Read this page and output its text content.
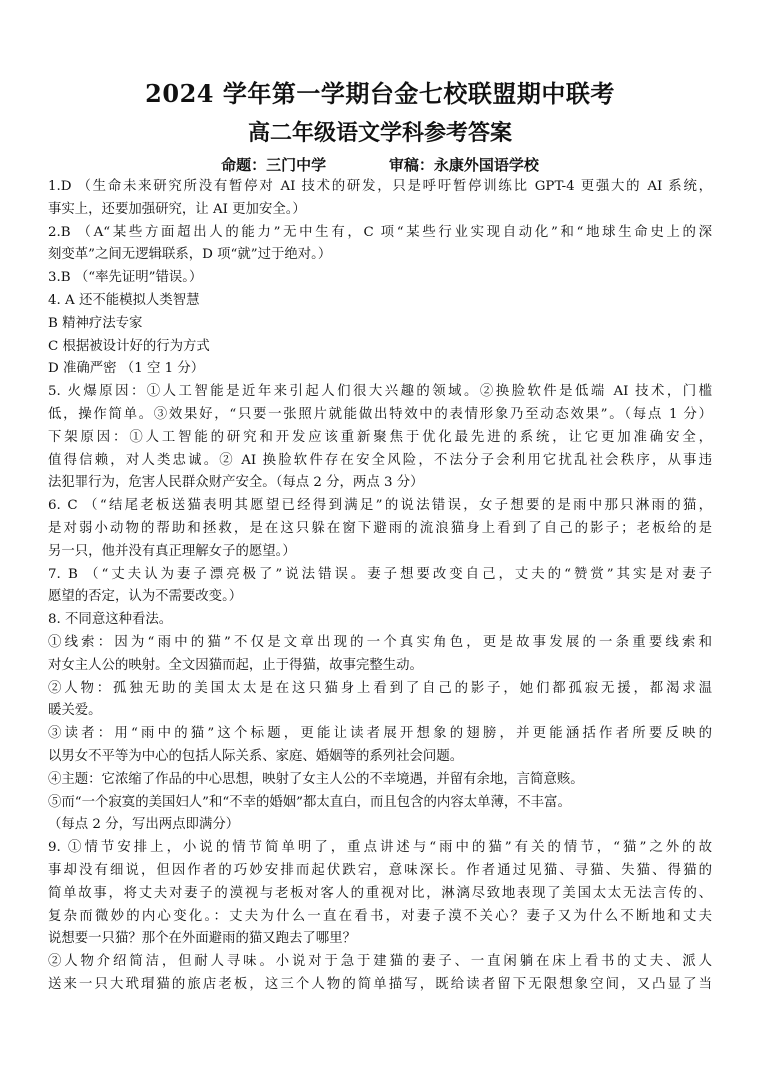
2024 学年第一学期台金七校联盟期中联考
高二年级语文学科参考答案
命题：三门中学            审稿：永康外国语学校
1.D （生命未来研究所没有暂停对 AI 技术的研发，只是呼吁暂停训练比 GPT-4 更强大的 AI 系统，
事实上，还要加强研究，让 AI 更加安全。）
2.B （A“某些方面超出人的能力”无中生有，C 项“某些行业实现自动化”和“地球生命史上的深
刻变革”之间无逻辑联系，D 项“就”过于绝对。）
3.B （“率先证明”错误。）
4. A 还不能模拟人类智慧
B 精神疗法专家
C 根据被设计好的行为方式
D 准确严密 （1 空 1 分）
5. 火爆原因：①人工智能是近年来引起人们很大兴趣的领域。②换脸软件是低端 AI 技术，门槛
低，操作简单。③效果好，“只要一张照片就能做出特效中的表情形象乃至动态效果”。（每点 1 分）
下架原因：①人工智能的研究和开发应该重新聚焦于优化最先进的系统，让它更加准确安全，
值得信赖，对人类忠诚。② AI 换脸软件存在安全风险，不法分子会利用它扰乱社会秩序，从事违
法犯罪行为，危害人民群众财产安全。（每点 2 分，两点 3 分）
6. C （“结尾老板送猫表明其愿望已经得到满足”的说法错误，女子想要的是雨中那只淋雨的猫，
是对弱小动物的帮助和拯救，是在这只躲在窗下避雨的流浪猫身上看到了自己的影子；老板给的是
另一只，他并没有真正理解女子的愿望。）
7. B （“丈夫认为妻子漂亮极了”说法错误。妻子想要改变自己，丈夫的“赞赏”其实是对妻子
愿望的否定，认为不需要改变。）
8. 不同意这种看法。
①线索：因为“雨中的猫”不仅是文章出现的一个真实角色，更是故事发展的一条重要线索和
对女主人公的映射。全文因猫而起，止于得猫，故事完整生动。
②人物：孤独无助的美国太太是在这只猫身上看到了自己的影子，她们都孤寂无援，都渴求温
暖关爱。
③读者：用“雨中的猫”这个标题，更能让读者展开想象的翅膀，并更能涵括作者所要反映的
以男女不平等为中心的包括人际关系、家庭、婚姻等的系列社会问题。
④主题：它浓缩了作品的中心思想，映射了女主人公的不幸境遇，并留有余地，言简意赅。
⑤而“一个寂寞的美国妇人”和“不幸的婚姻”都太直白，而且包含的内容太单薄，不丰富。
（每点 2 分，写出两点即满分）
9. ①情节安排上，小说的情节简单明了，重点讲述与“雨中的猫”有关的情节，“猫”之外的故
事却没有细说，但因作者的巧妙安排而起伏跌宕，意味深长。作者通过见猫、寻猫、失猫、得猫的
简单故事，将丈夫对妻子的漠视与老板对客人的重视对比，淋漓尽致地表现了美国太太无法言传的、
复杂而微妙的内心变化。：丈夫为什么一直在看书，对妻子漠不关心？妻子又为什么不断地和丈夫
说想要一只猫？那个在外面避雨的猫又跑去了哪里？
②人物介绍简洁，但耐人寻味。小说对于急于建猫的妻子、一直闲躺在床上看书的丈夫、派人
送来一只大玳瑁猫的旅店老板，这三个人物的简单描写，既给读者留下无限想象空间，又凸显了当
